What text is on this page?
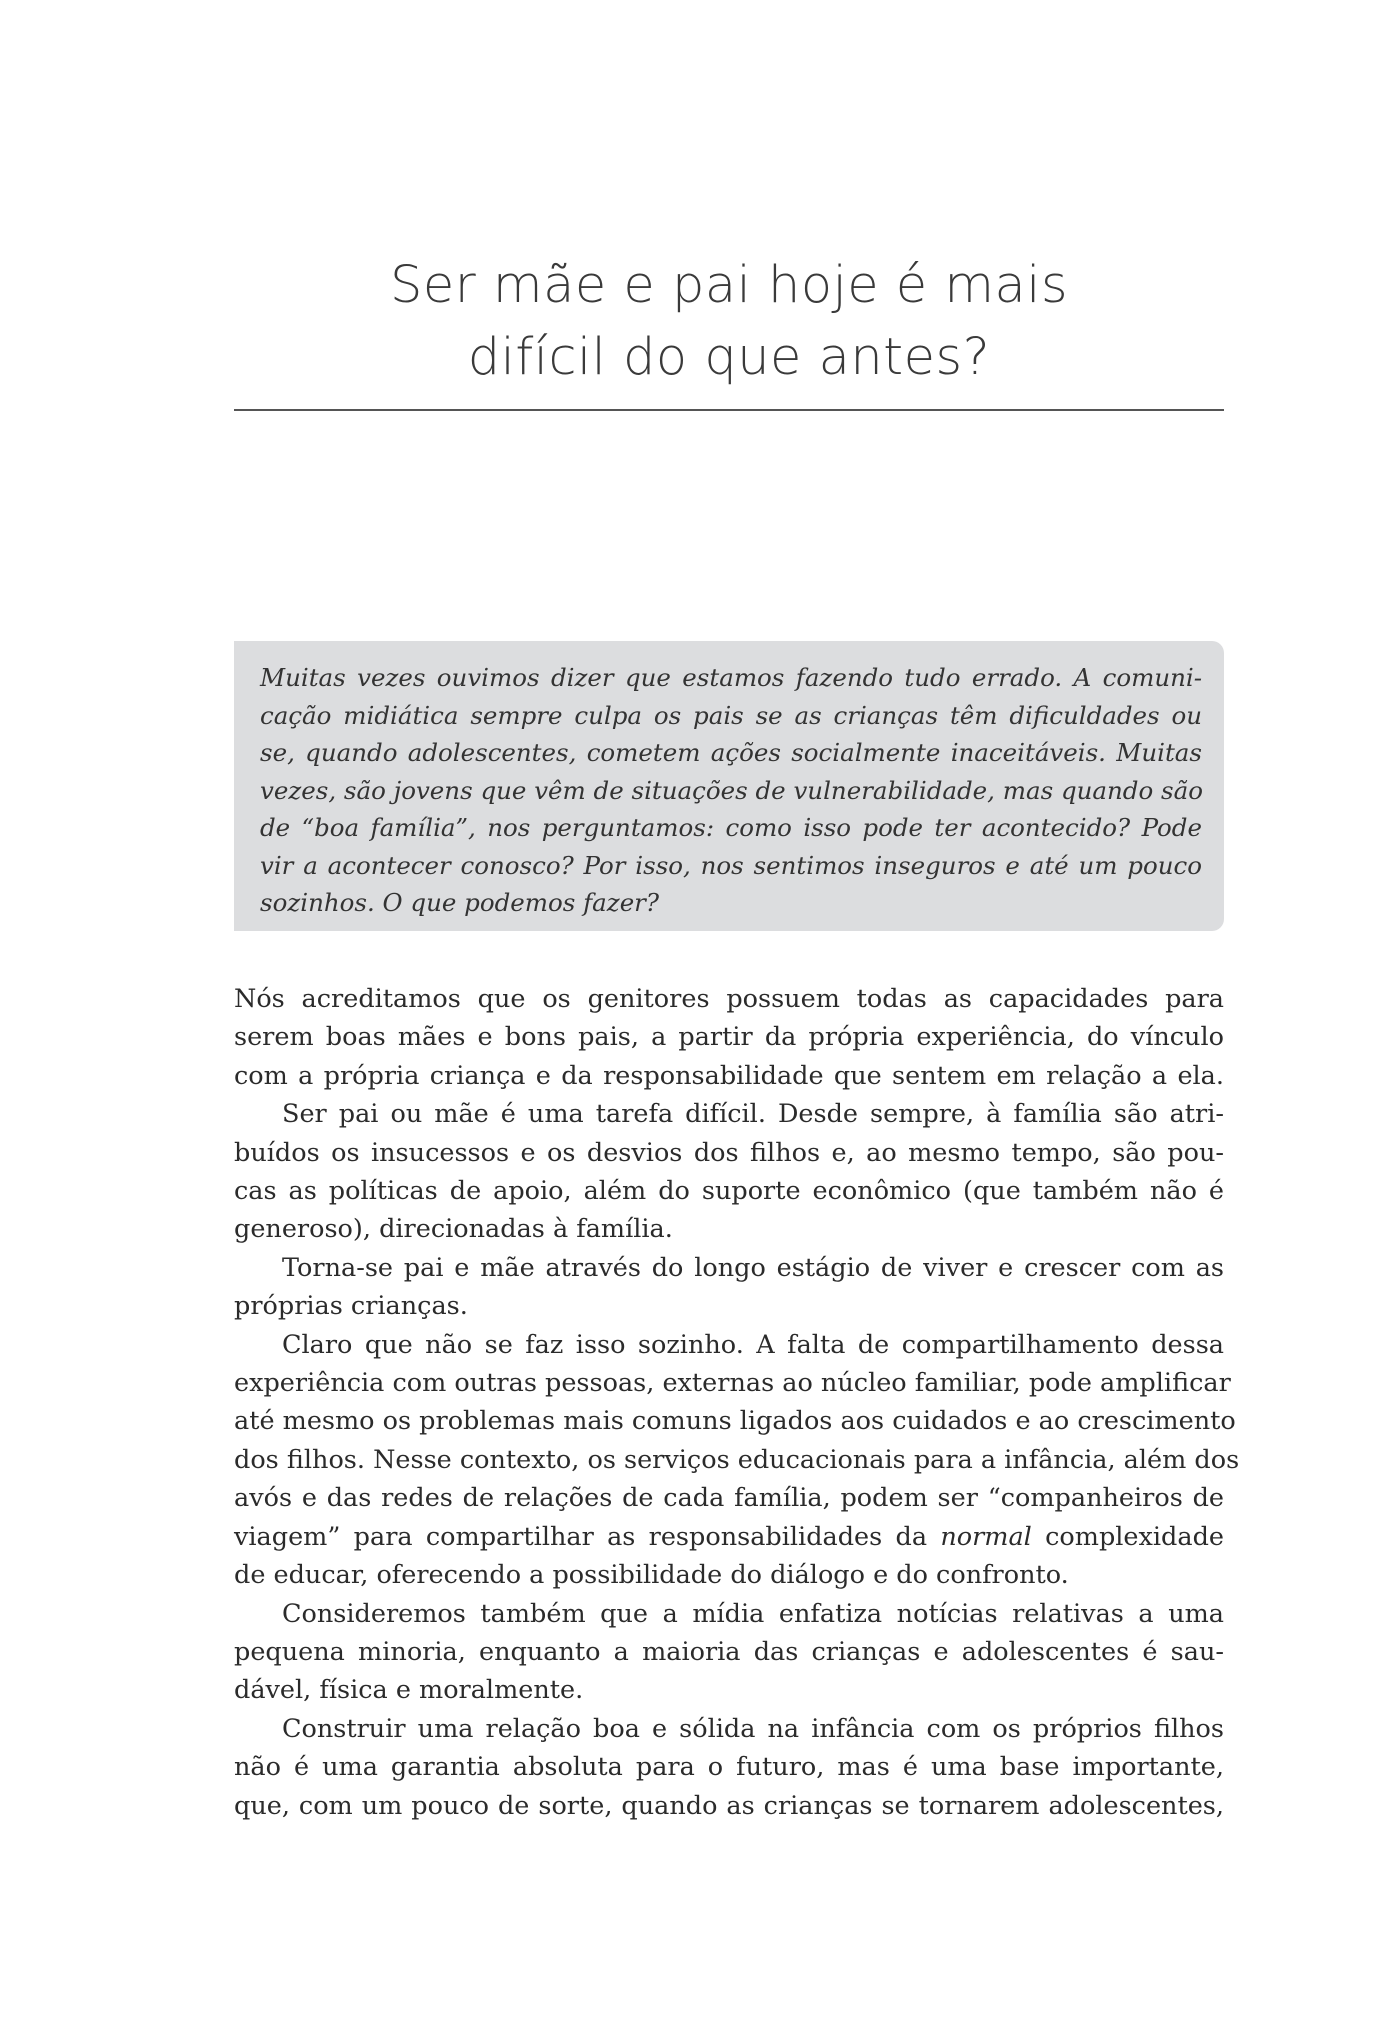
Ser mãe e pai hoje é mais
difícil do que antes?

Muitas vezes ouvimos dizer que estamos fazendo tudo errado. A comuni-
cação midiática sempre culpa os pais se as crianças têm dificuldades ou
se, quando adolescentes, cometem ações socialmente inaceitáveis. Muitas
vezes, são jovens que vêm de situações de vulnerabilidade, mas quando são
de “boa família”, nos perguntamos: como isso pode ter acontecido? Pode
vir a acontecer conosco? Por isso, nos sentimos inseguros e até um pouco
sozinhos. O que podemos fazer?

Nós acreditamos que os genitores possuem todas as capacidades para
serem boas mães e bons pais, a partir da própria experiência, do vínculo
com a própria criança e da responsabilidade que sentem em relação a ela.

Ser pai ou mãe é uma tarefa difícil. Desde sempre, à família são atri-
buídos os insucessos e os desvios dos filhos e, ao mesmo tempo, são pou-
cas as políticas de apoio, além do suporte econômico (que também não é
generoso), direcionadas à família.

Torna-se pai e mãe através do longo estágio de viver e crescer com as
próprias crianças.

Claro que não se faz isso sozinho. A falta de compartilhamento dessa
experiência com outras pessoas, externas ao núcleo familiar, pode amplificar
até mesmo os problemas mais comuns ligados aos cuidados e ao crescimento
dos filhos. Nesse contexto, os serviços educacionais para a infância, além dos
avós e das redes de relações de cada família, podem ser “companheiros de
viagem” para compartilhar as responsabilidades da normal complexidade
de educar, oferecendo a possibilidade do diálogo e do confronto.

Consideremos também que a mídia enfatiza notícias relativas a uma
pequena minoria, enquanto a maioria das crianças e adolescentes é sau-
dável, física e moralmente.

Construir uma relação boa e sólida na infância com os próprios filhos
não é uma garantia absoluta para o futuro, mas é uma base importante,
que, com um pouco de sorte, quando as crianças se tornarem adolescentes,
